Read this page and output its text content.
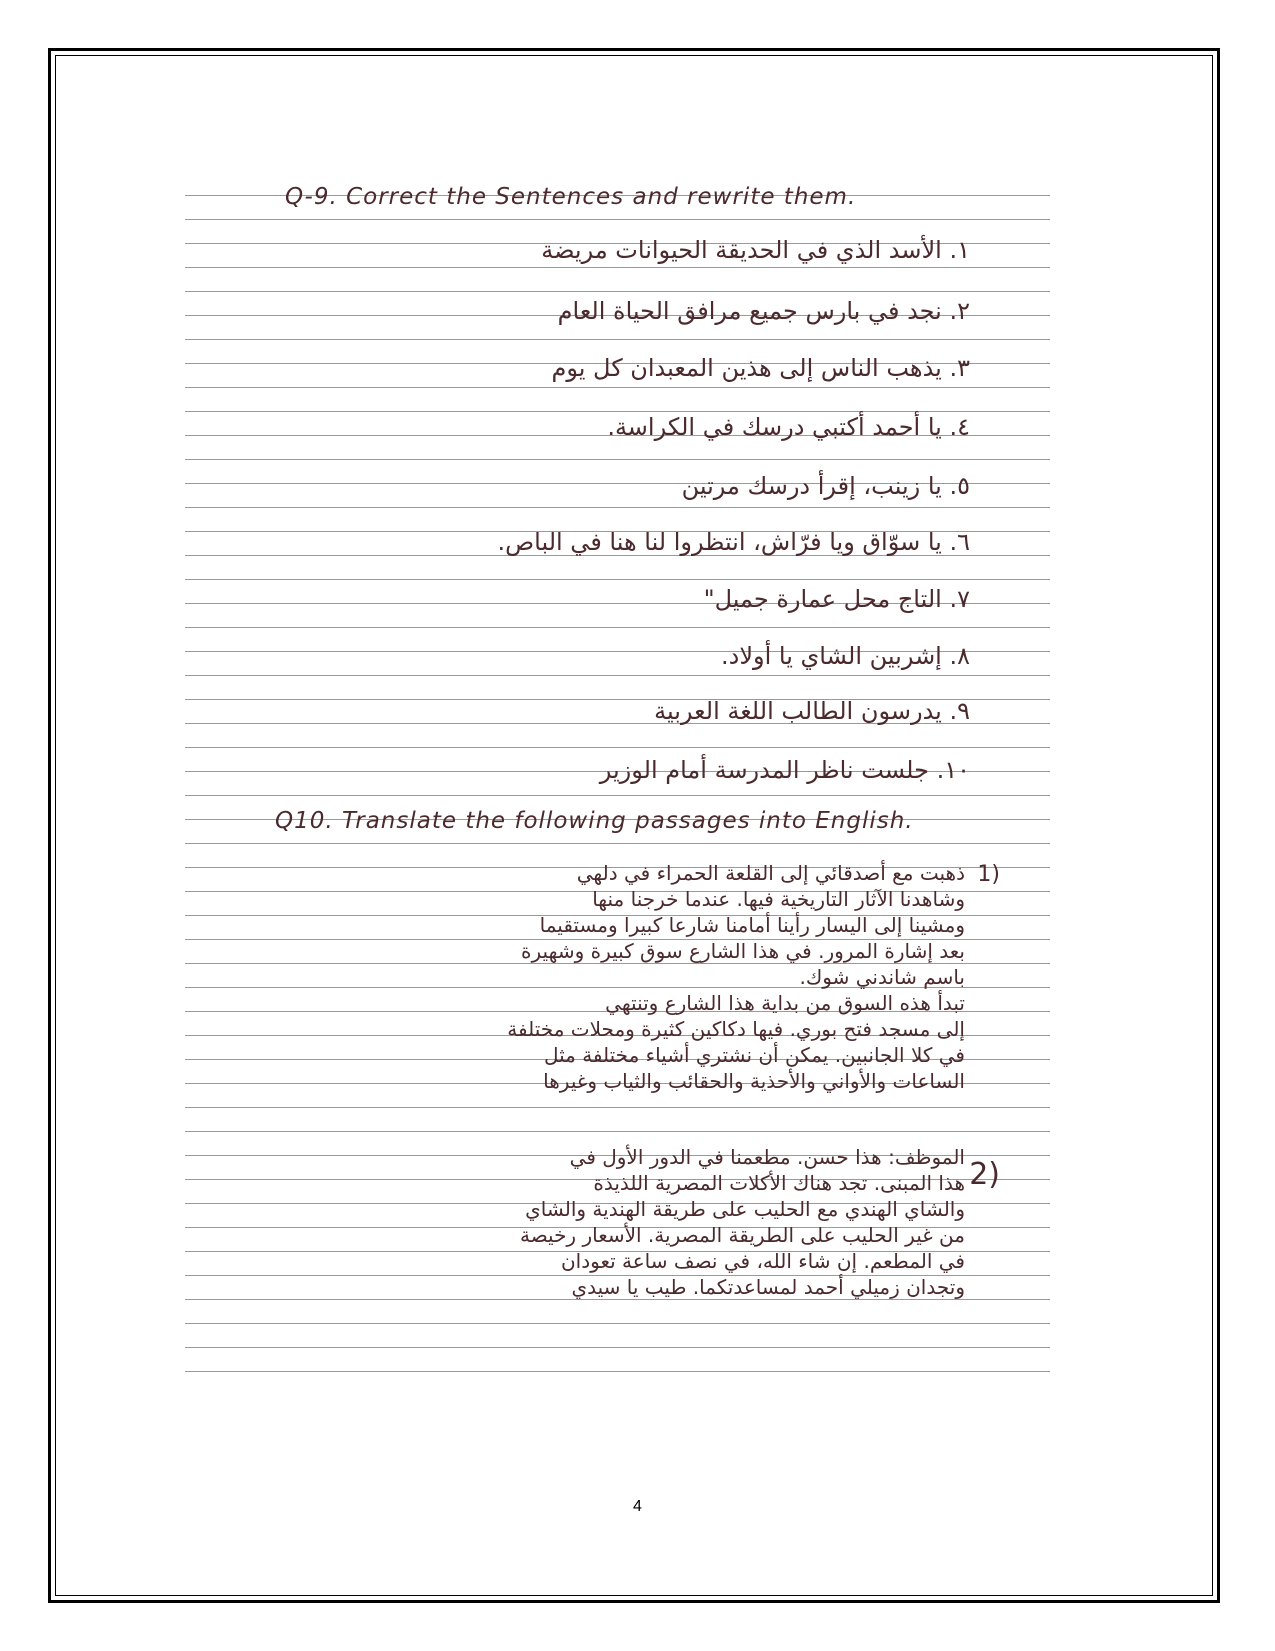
Q-9. Correct the Sentences and rewrite them.
١. الأسد الذي في الحديقة الحيوانات مريضة
٢. نجد في بارس جميع مرافق الحياة العام
٣. يذهب الناس إلى هذين المعبدان كل يوم
٤. يا أحمد أكتبي درسك في الكراسة.
٥. يا زينب، إقرأ درسك مرتين
٦. يا سوّاق ويا فرّاش، انتظروا لنا هنا في الباص.
٧. التاج محل عمارة جميل"
٨. إشربين الشاي يا أولاد.
٩. يدرسون الطالب اللغة العربية
١٠. جلست ناظر المدرسة أمام الوزير
Q10. Translate the following passages into English.
1)
ذهبت مع أصدقائي إلى القلعة الحمراء في دلهي
وشاهدنا الآثار التاريخية فيها. عندما خرجنا منها
ومشينا إلى اليسار رأينا أمامنا شارعا كبيرا ومستقيما
بعد إشارة المرور. في هذا الشارع سوق كبيرة وشهيرة
باسم شاندني شوك.
تبدأ هذه السوق من بداية هذا الشارع وتنتهي
إلى مسجد فتح بوري. فيها دكاكين كثيرة ومحلات مختلفة
في كلا الجانبين. يمكن أن نشتري أشياء مختلفة مثل
الساعات والأواني والأحذية والحقائب والثياب وغيرها
2)
الموظف: هذا حسن. مطعمنا في الدور الأول في
هذا المبنى. تجد هناك الأكلات المصرية اللذيذة
والشاي الهندي مع الحليب على طريقة الهندية والشاي
من غير الحليب على الطريقة المصرية. الأسعار رخيصة
في المطعم. إن شاء الله، في نصف ساعة تعودان
وتجدان زميلي أحمد لمساعدتكما. طيب يا سيدي
4
